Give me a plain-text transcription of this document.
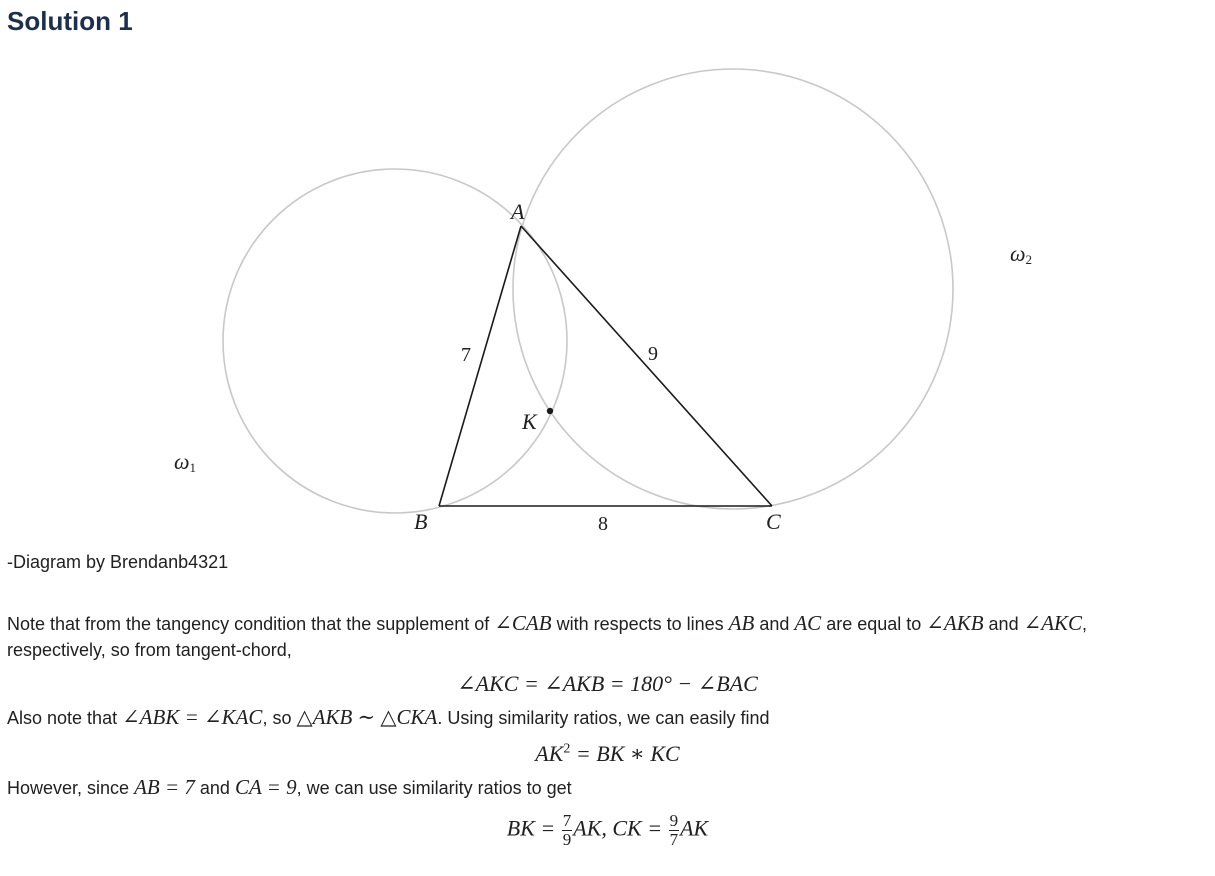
Solution 1
A
B	C
K
7	9
8
ω1
ω2
-Diagram by Brendanb4321
Note that from the tangency condition that the supplement of ∠CAB with respects to lines AB and AC are equal to ∠AKB and ∠AKC,
respectively, so from tangent-chord,
∠AKC = ∠AKB = 180° − ∠BAC
Also note that ∠ABK = ∠KAC, so △AKB ∼ △CKA. Using similarity ratios, we can easily find
$AK^2$ = BK ∗ KC
However, since AB = 7 and CA = 9, we can use similarity ratios to get
BK = $\frac{7}{9}$ AK, CK = $\frac{9}{7}$ AK
